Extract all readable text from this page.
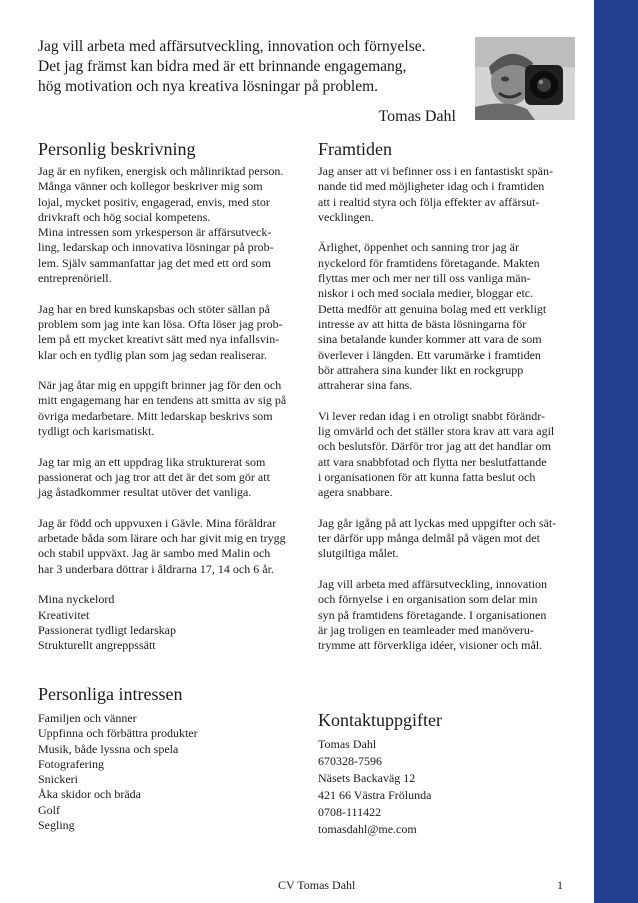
Jag vill arbeta med affärsutveckling, innovation och förnyelse.
Det jag främst kan bidra med är ett brinnande engagemang,
hög motivation och nya kreativa lösningar på problem.
Tomas Dahl
Personlig beskrivning
Jag är en nyfiken, energisk och målinriktad person.
Många vänner och kollegor beskriver mig som
lojal, mycket positiv, engagerad, envis, med stor
drivkraft och hög social kompetens.
Mina intressen som yrkesperson är affärsutveck-
ling, ledarskap och innovativa lösningar på prob-
lem. Själv sammanfattar jag det med ett ord som
entreprenöriell.
Jag har en bred kunskapsbas och stöter sällan på
problem som jag inte kan lösa. Ofta löser jag prob-
lem på ett mycket kreativt sätt med nya infallsvin-
klar och en tydlig plan som jag sedan realiserar.
När jag åtar mig en uppgift brinner jag för den och
mitt engagemang har en tendens att smitta av sig på
övriga medarbetare. Mitt ledarskap beskrivs som
tydligt och karismatiskt.
Jag tar mig an ett uppdrag lika strukturerat som
passionerat och jag tror att det är det som gör att
jag åstadkommer resultat utöver det vanliga.
Jag är född och uppvuxen i Gävle. Mina föräldrar
arbetade båda som lärare och har givit mig en trygg
och stabil uppväxt. Jag är sambo med Malin och
har 3 underbara döttrar i åldrarna 17, 14 och 6 år.
Mina nyckelord
Kreativitet
Passionerat tydligt ledarskap
Strukturellt angreppssätt
Framtiden
Jag anser att vi befinner oss i en fantastiskt spän-
nande tid med möjligheter idag och i framtiden
att i realtid styra och följa effekter av affärsut-
vecklingen.
Ärlighet, öppenhet och sanning tror jag är
nyckelord för framtidens företagande. Makten
flyttas mer och mer ner till oss vanliga män-
niskor i och med sociala medier, bloggar etc.
Detta medför att genuina bolag med ett verkligt
intresse av att hitta de bästa lösningarna för
sina betalande kunder kommer att vara de som
överlever i längden. Ett varumärke i framtiden
bör attrahera sina kunder likt en rockgrupp
attraherar sina fans.
Vi lever redan idag i en otroligt snabbt förändr-
lig omvärld och det ställer stora krav att vara agil
och beslutsför. Därför tror jag att det handlar om
att vara snabbfotad och flytta ner beslutfattande
i organisationen för att kunna fatta beslut och
agera snabbare.
Jag går igång på att lyckas med uppgifter och sät-
ter därför upp många delmål på vägen mot det
slutgiltiga målet.
Jag vill arbeta med affärsutveckling, innovation
och förnyelse i en organisation som delar min
syn på framtidens företagande. I organisationen
är jag troligen en teamleader med manöveru-
trymme att förverkliga idéer, visioner och mål.
Personliga intressen
Familjen och vänner
Uppfinna och förbättra produkter
Musik, både lyssna och spela
Fotografering
Snickeri
Åka skidor och bräda
Golf
Segling
Kontaktuppgifter
Tomas Dahl
670328-7596
Näsets Backaväg 12
421 66 Västra Frölunda
0708-111422
tomasdahl@me.com
CV Tomas Dahl	1
